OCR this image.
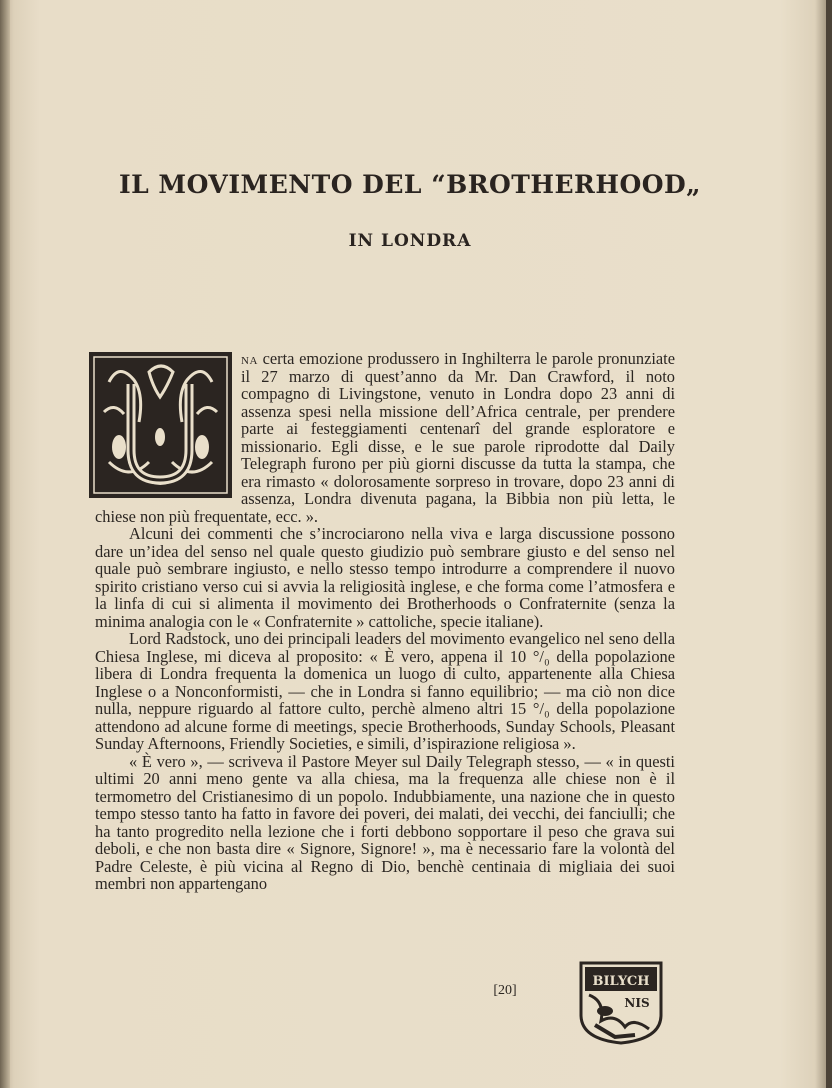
IL MOVIMENTO DEL “BROTHERHOOD„
IN LONDRA

na certa emozione produssero in Inghilterra le parole pronunziate il 27 marzo di quest’anno da Mr. Dan Crawford, il noto compagno di Livingstone, venuto in Londra dopo 23 anni di assenza spesi nella missione dell’Africa centrale, per prendere parte ai festeggiamenti centenarî del grande esploratore e missionario. Egli disse, e le sue parole riprodotte dal Daily Telegraph furono per più giorni discusse da tutta la stampa, che era rimasto « dolorosamente sorpreso in trovare, dopo 23 anni di assenza, Londra divenuta pagana, la Bibbia non più letta, le chiese non più frequentate, ecc. ».

Alcuni dei commenti che s’incrociarono nella viva e larga discussione possono dare un’idea del senso nel quale questo giudizio può sembrare giusto e del senso nel quale può sembrare ingiusto, e nello stesso tempo introdurre a comprendere il nuovo spirito cristiano verso cui si avvia la religiosità inglese, e che forma come l’atmosfera e la linfa di cui si alimenta il movimento dei Brotherhoods o Confraternite (senza la minima analogia con le « Confraternite » cattoliche, specie italiane).

Lord Radstock, uno dei principali leaders del movimento evangelico nel seno della Chiesa Inglese, mi diceva al proposito: « È vero, appena il 10 °/₀ della popolazione libera di Londra frequenta la domenica un luogo di culto, appartenente alla Chiesa Inglese o a Nonconformisti, — che in Londra si fanno equilibrio; — ma ciò non dice nulla, neppure riguardo al fattore culto, perchè almeno altri 15 °/₀ della popolazione attendono ad alcune forme di meetings, specie Brotherhoods, Sunday Schools, Pleasant Sunday Afternoons, Friendly Societies, e simili, d’ispirazione religiosa ».

« È vero », — scriveva il Pastore Meyer sul Daily Telegraph stesso, — « in questi ultimi 20 anni meno gente va alla chiesa, ma la frequenza alle chiese non è il termometro del Cristianesimo di un popolo. Indubbiamente, una nazione che in questo tempo stesso tanto ha fatto in favore dei poveri, dei malati, dei vecchi, dei fanciulli; che ha tanto progredito nella lezione che i forti debbono sopportare il peso che grava sui deboli, e che non basta dire « Signore, Signore! », ma è necessario fare la volontà del Padre Celeste, è più vicina al Regno di Dio, benchè centinaia di migliaia dei suoi membri non appartengano

[20]
BILYCH
NIS
